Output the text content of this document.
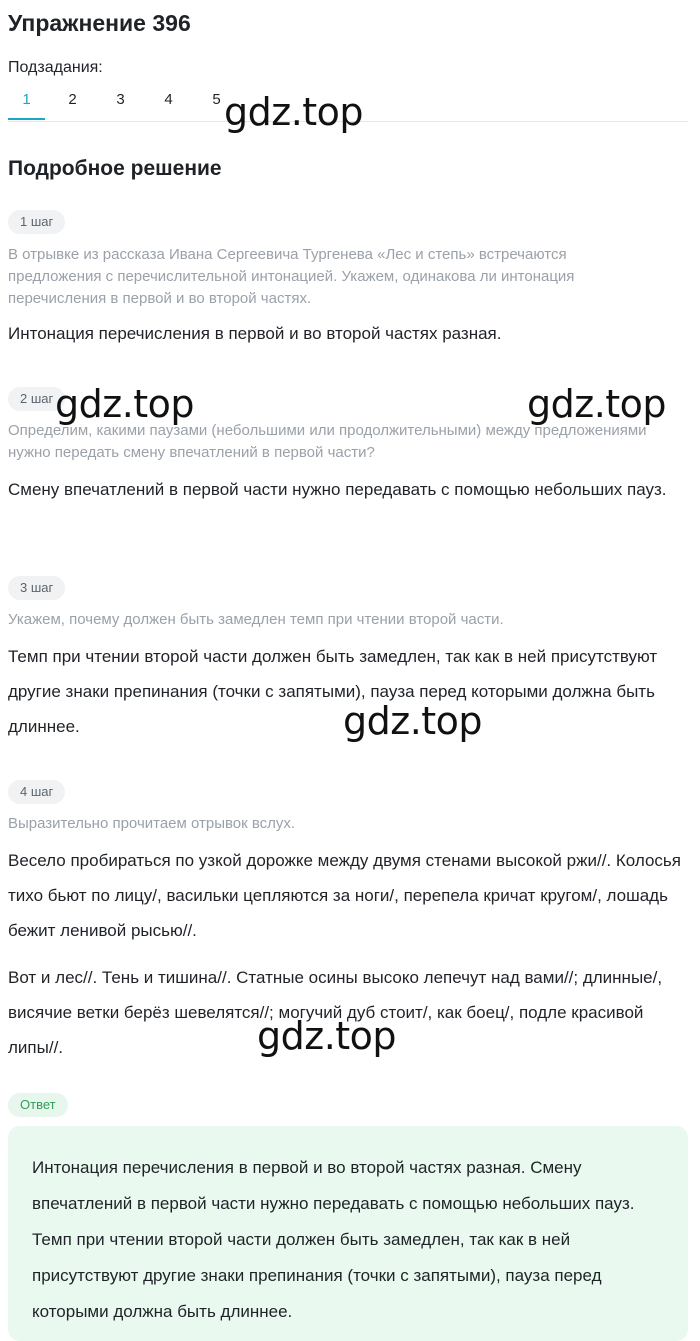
Упражнение 396
Подзадания:
1	2	3	4	5
Подробное решение
1 шаг
В отрывке из рассказа Ивана Сергеевича Тургенева «Лес и степь» встречаются предложения с перечислительной интонацией. Укажем, одинакова ли интонация перечисления в первой и во второй частях.
Интонация перечисления в первой и во второй частях разная.
2 шаг
Определим, какими паузами (небольшими или продолжительными) между предложениями нужно передать смену впечатлений в первой части?
Смену впечатлений в первой части нужно передавать с помощью небольших пауз.
3 шаг
Укажем, почему должен быть замедлен темп при чтении второй части.
Темп при чтении второй части должен быть замедлен, так как в ней присутствуют другие знаки препинания (точки с запятыми), пауза перед которыми должна быть длиннее.
4 шаг
Выразительно прочитаем отрывок вслух.
Весело пробираться по узкой дорожке между двумя стенами высокой ржи//. Колосья тихо бьют по лицу/, васильки цепляются за ноги/, перепела кричат кругом/, лошадь бежит ленивой рысью//.
Вот и лес//. Тень и тишина//. Статные осины высоко лепечут над вами//; длинные/, висячие ветки берёз шевелятся//; могучий дуб стоит/, как боец/, подле красивой липы//.
Ответ
Интонация перечисления в первой и во второй частях разная. Смену впечатлений в первой части нужно передавать с помощью небольших пауз. Темп при чтении второй части должен быть замедлен, так как в ней присутствуют другие знаки препинания (точки с запятыми), пауза перед которыми должна быть длиннее.
gdz.top
gdz.top	gdz.top
gdz.top
gdz.top
